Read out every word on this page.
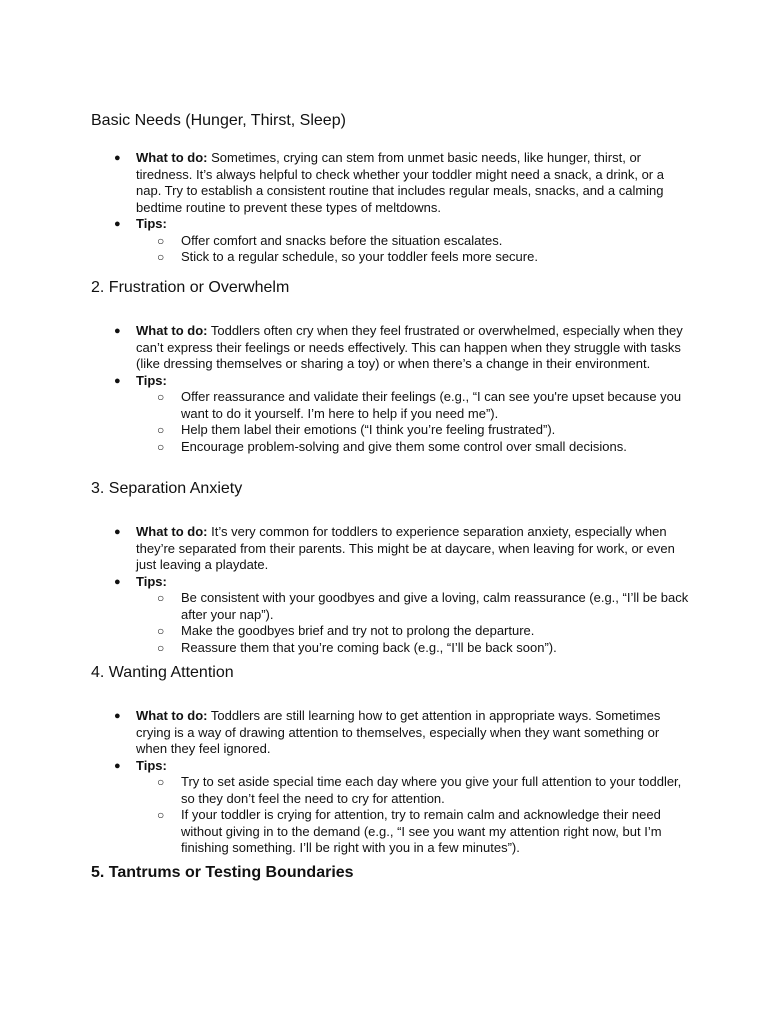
Basic Needs (Hunger, Thirst, Sleep)
● What to do: Sometimes, crying can stem from unmet basic needs, like hunger, thirst, or tiredness. It’s always helpful to check whether your toddler might need a snack, a drink, or a nap. Try to establish a consistent routine that includes regular meals, snacks, and a calming bedtime routine to prevent these types of meltdowns.

● Tips:
○ Offer comfort and snacks before the situation escalates.
○ Stick to a regular schedule, so your toddler feels more secure.
2. Frustration or Overwhelm
● What to do: Toddlers often cry when they feel frustrated or overwhelmed, especially when they can’t express their feelings or needs effectively. This can happen when they struggle with tasks (like dressing themselves or sharing a toy) or when there’s a change in their environment.

● Tips:
○ Offer reassurance and validate their feelings (e.g., “I can see you're upset because you want to do it yourself. I’m here to help if you need me”).
○ Help them label their emotions (“I think you’re feeling frustrated”).
○ Encourage problem-solving and give them some control over small decisions.
3. Separation Anxiety
● What to do: It’s very common for toddlers to experience separation anxiety, especially when they’re separated from their parents. This might be at daycare, when leaving for work, or even just leaving a playdate.

● Tips:
○ Be consistent with your goodbyes and give a loving, calm reassurance (e.g., “I’ll be back after your nap”).
○ Make the goodbyes brief and try not to prolong the departure.
○ Reassure them that you’re coming back (e.g., “I’ll be back soon”).
4. Wanting Attention
● What to do: Toddlers are still learning how to get attention in appropriate ways. Sometimes crying is a way of drawing attention to themselves, especially when they want something or when they feel ignored.

● Tips:
○ Try to set aside special time each day where you give your full attention to your toddler, so they don’t feel the need to cry for attention.
○ If your toddler is crying for attention, try to remain calm and acknowledge their need without giving in to the demand (e.g., “I see you want my attention right now, but I’m finishing something. I’ll be right with you in a few minutes”).
5. Tantrums or Testing Boundaries
